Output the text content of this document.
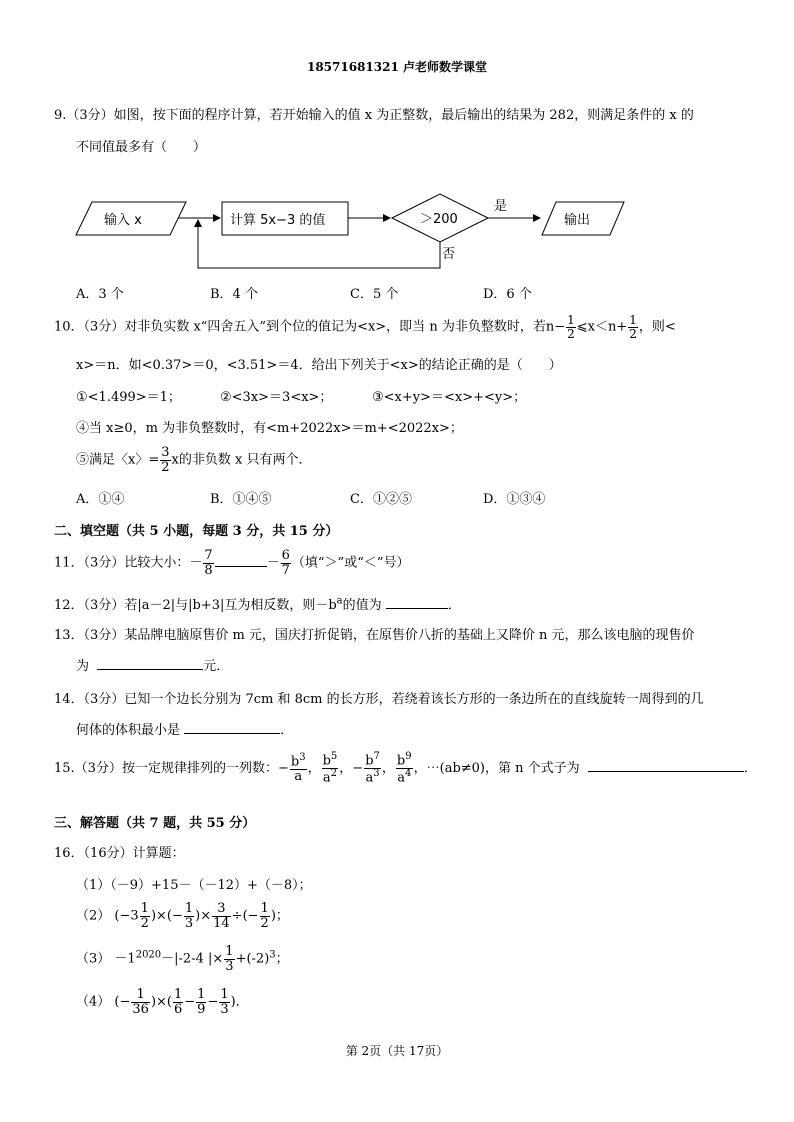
18571681321 卢老师数学课堂
9.（3分）如图，按下面的程序计算，若开始输入的值 x 为正整数，最后输出的结果为 282，则满足条件的 x 的
不同值最多有（　　）
输入 x	计算 5x−3 的值	＞200
是
输出
否
A．3 个	B．4 个	C．5 个	D．6 个
10．（3分）对非负实数 x“四舍五入”到个位的值记为<x>，即当 n 为非负整数时，若$n- \frac{1}{2}$ ⩽x＜n+ $\frac{1}{2}$ ，则<
x>＝n．如<0.37>＝0，<3.51>＝4．给出下列关于<x>的结论正确的是（　　）
①<1.499>＝1；	②<3x>＝3<x>；	③<x+y>＝<x>+<y>；
④当 x≥0，m 为非负整数时，有<m+2022x>＝m+<2022x>；
⑤满足〈x〉= $\frac{3}{2}$ x的非负数 x 只有两个．
A．①④	B．①④⑤	C．①②⑤	D．①③④
二、填空题（共 5 小题，每题 3 分，共 15 分）
11．（3分）比较大小：－ $\frac{7}{8}$	－ $\frac{6}{7}$ （填“＞”或“＜”号）
12．（3分）若|a－2|与|b+3|互为相反数，则$-b^a$的值为	．
13．（3分）某品牌电脑原售价 m 元，国庆打折促销，在原售价八折的基础上又降价 n 元，那么该电脑的现售价
为	元．
14．（3分）已知一个边长分别为 7cm 和 8cm 的长方形，若绕着该长方形的一条边所在的直线旋转一周得到的几
何体的体积最小是	．
15.（3分）按一定规律排列的一列数：− $\frac{b^3}{a}$ ， $\frac{b^5}{a^2}$ ，− $\frac{b^7}{a^3}$ ， $\frac{b^9}{a^4}$ ，⋯(ab≠0)，第 n 个式子为	．
三、解答题（共 7 题，共 55 分）
16．（16分）计算题：
（1）（－9）+15－（－12）+（－8）；
（2） ($-3 \frac{1}{2}$ )×(− $\frac{1}{3}$ )× $\frac{3}{14}$ ÷(− $\frac{1}{2}$ )；
$(3) -1^{2020}-|-2-4$ |× $\frac{1}{3} +(-2)^3$；
（4） (− $\frac{1}{36}$ )×( $\frac{1}{6} - \frac{1}{9} - \frac{1}{3}$ )．
第 2页（共 17页）
